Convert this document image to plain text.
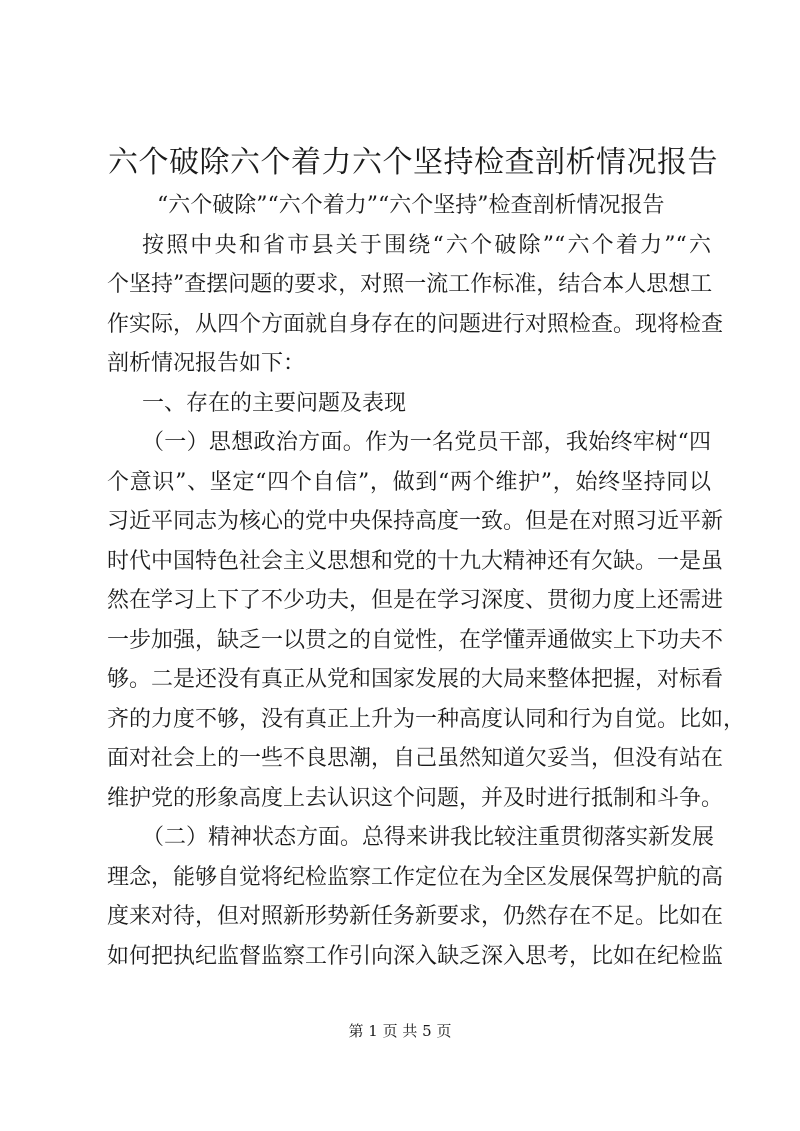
六个破除六个着力六个坚持检查剖析情况报告
“六个破除”“六个着力”“六个坚持”检查剖析情况报告
按照中央和省市县关于围绕“六个破除”“六个着力”“六
个坚持”查摆问题的要求，对照一流工作标准，结合本人思想工
作实际，从四个方面就自身存在的问题进行对照检查。现将检查
剖析情况报告如下：
一、存在的主要问题及表现
（一）思想政治方面。作为一名党员干部，我始终牢树“四
个意识”、坚定“四个自信”，做到“两个维护”，始终坚持同以
习近平同志为核心的党中央保持高度一致。但是在对照习近平新
时代中国特色社会主义思想和党的十九大精神还有欠缺。一是虽
然在学习上下了不少功夫，但是在学习深度、贯彻力度上还需进
一步加强，缺乏一以贯之的自觉性，在学懂弄通做实上下功夫不
够。二是还没有真正从党和国家发展的大局来整体把握，对标看
齐的力度不够，没有真正上升为一种高度认同和行为自觉。比如，
面对社会上的一些不良思潮，自己虽然知道欠妥当，但没有站在
维护党的形象高度上去认识这个问题，并及时进行抵制和斗争。
（二）精神状态方面。总得来讲我比较注重贯彻落实新发展
理念，能够自觉将纪检监察工作定位在为全区发展保驾护航的高
度来对待，但对照新形势新任务新要求，仍然存在不足。比如在
如何把执纪监督监察工作引向深入缺乏深入思考，比如在纪检监
第 1 页 共 5 页
